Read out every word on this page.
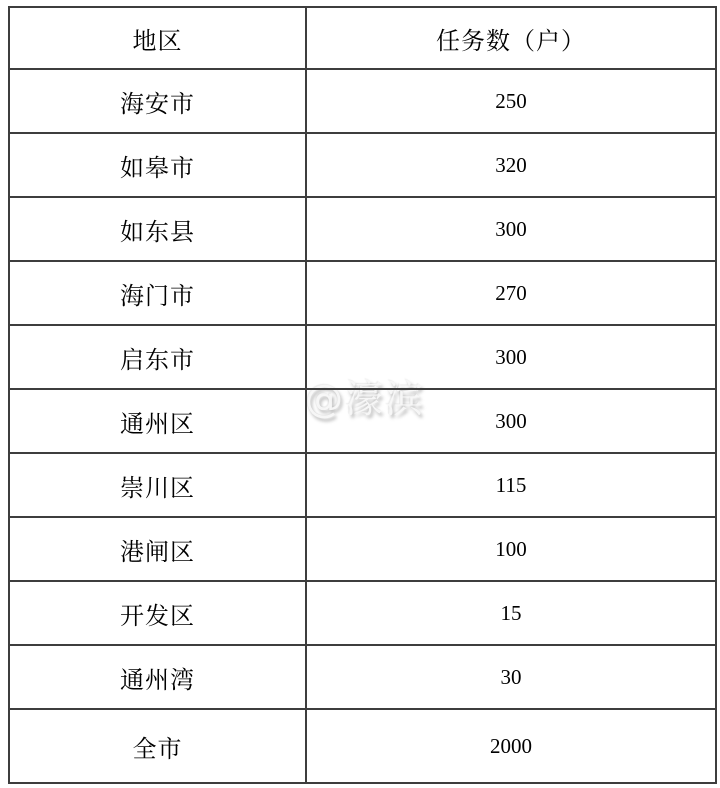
@濠滨
地区	任务数（户）
海安市	250
如皋市	320
如东县	300
海门市	270
启东市	300
通州区	300
崇川区	115
港闸区	100
开发区	15
通州湾	30
全市	2000
